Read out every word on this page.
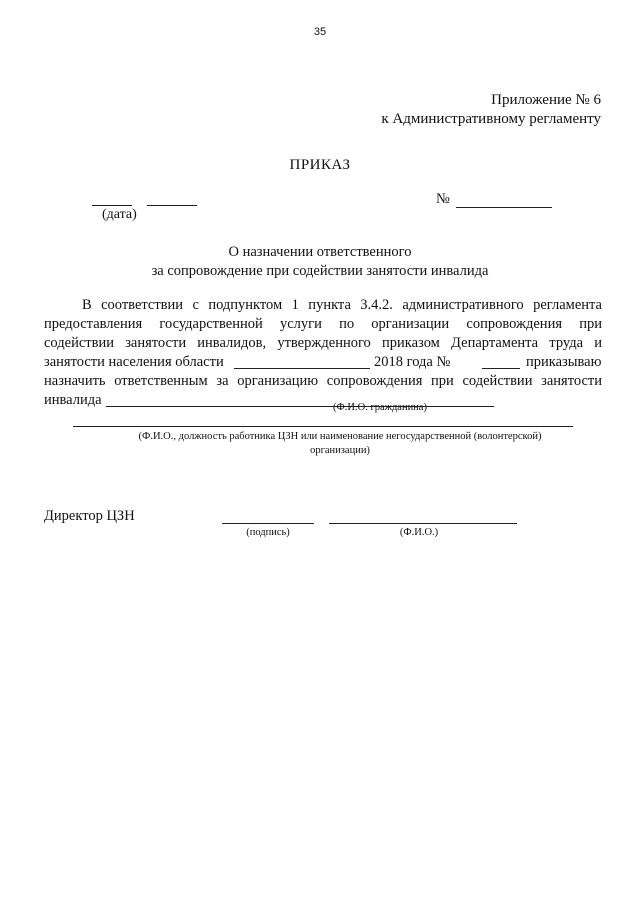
35
Приложение № 6
к Административному регламенту
ПРИКАЗ
(дата)
№
О назначении ответственного
за сопровождение при содействии занятости инвалида

В соответствии с подпунктом 1 пункта 3.4.2. административного регламента

предоставления государственной услуги по организации сопровождения при

содействии занятости инвалидов, утвержденного приказом Департамента труда и

занятости населения области	2018 года №	приказываю

назначить ответственным за организацию сопровождения при содействии занятости

инвалида	(Ф.И.О. гражданина)
(Ф.И.О., должность работника ЦЗН или наименование негосударственной (волонтерской)
организации)
Директор ЦЗН
(подпись)	(Ф.И.О.)
